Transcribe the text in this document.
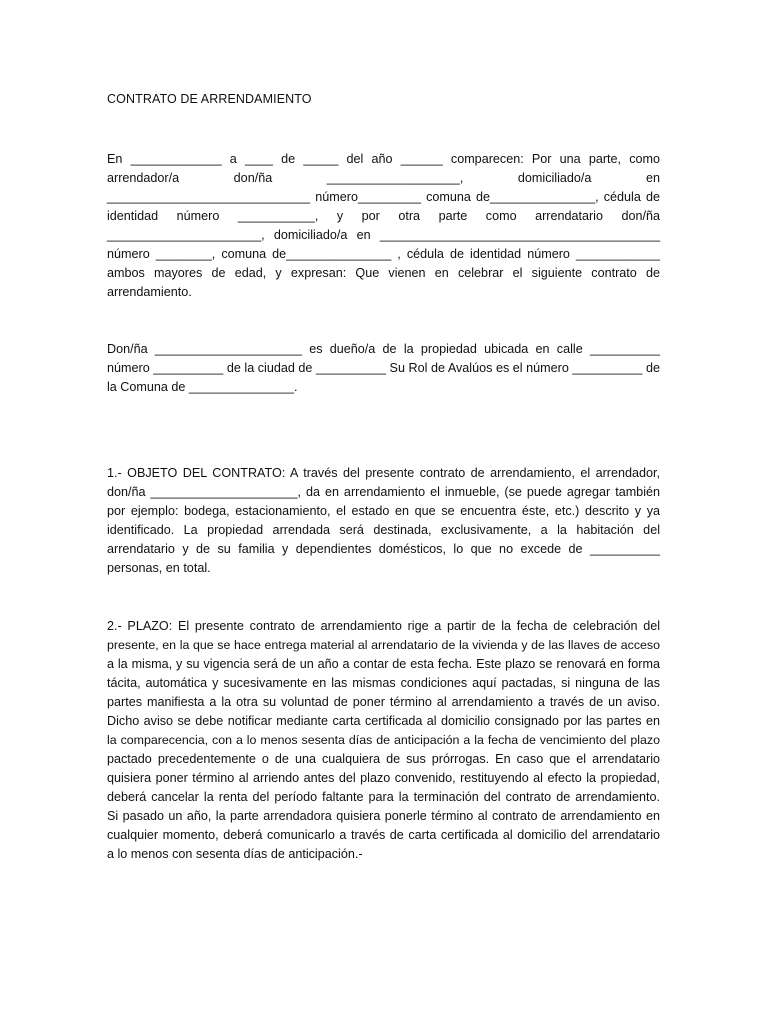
CONTRATO DE ARRENDAMIENTO
En _____________ a ____ de _____ del año ______ comparecen: Por una parte, como
arrendador/a don/ña ___________________, domiciliado/a en
_____________________________ número_________ comuna de_______________, cédula de
identidad número ___________, y por otra parte como arrendatario don/ña
______________________, domiciliado/a en ________________________________________
número ________, comuna de_______________ , cédula de identidad número ____________
ambos mayores de edad, y expresan: Que vienen en celebrar el siguiente contrato de
arrendamiento.
Don/ña _____________________ es dueño/a de la propiedad ubicada en calle __________
número __________ de la ciudad de __________ Su Rol de Avalúos es el número __________ de
la Comuna de _______________.
1.- OBJETO DEL CONTRATO: A través del presente contrato de arrendamiento, el arrendador,
don/ña _____________________, da en arrendamiento el inmueble, (se puede agregar también
por ejemplo: bodega, estacionamiento, el estado en que se encuentra éste, etc.) descrito y ya
identificado. La propiedad arrendada será destinada, exclusivamente, a la habitación del
arrendatario y de su familia y dependientes domésticos, lo que no excede de __________
personas, en total.
2.- PLAZO: El presente contrato de arrendamiento rige a partir de la fecha de celebración del
presente, en la que se hace entrega material al arrendatario de la vivienda y de las llaves de acceso
a la misma, y su vigencia será de un año a contar de esta fecha. Este plazo se renovará en forma
tácita, automática y sucesivamente en las mismas condiciones aquí pactadas, si ninguna de las
partes manifiesta a la otra su voluntad de poner término al arrendamiento a través de un aviso.
Dicho aviso se debe notificar mediante carta certificada al domicilio consignado por las partes en
la comparecencia, con a lo menos sesenta días de anticipación a la fecha de vencimiento del plazo
pactado precedentemente o de una cualquiera de sus prórrogas. En caso que el arrendatario
quisiera poner término al arriendo antes del plazo convenido, restituyendo al efecto la propiedad,
deberá cancelar la renta del período faltante para la terminación del contrato de arrendamiento.
Si pasado un año, la parte arrendadora quisiera ponerle término al contrato de arrendamiento en
cualquier momento, deberá comunicarlo a través de carta certificada al domicilio del arrendatario
a lo menos con sesenta días de anticipación.-
